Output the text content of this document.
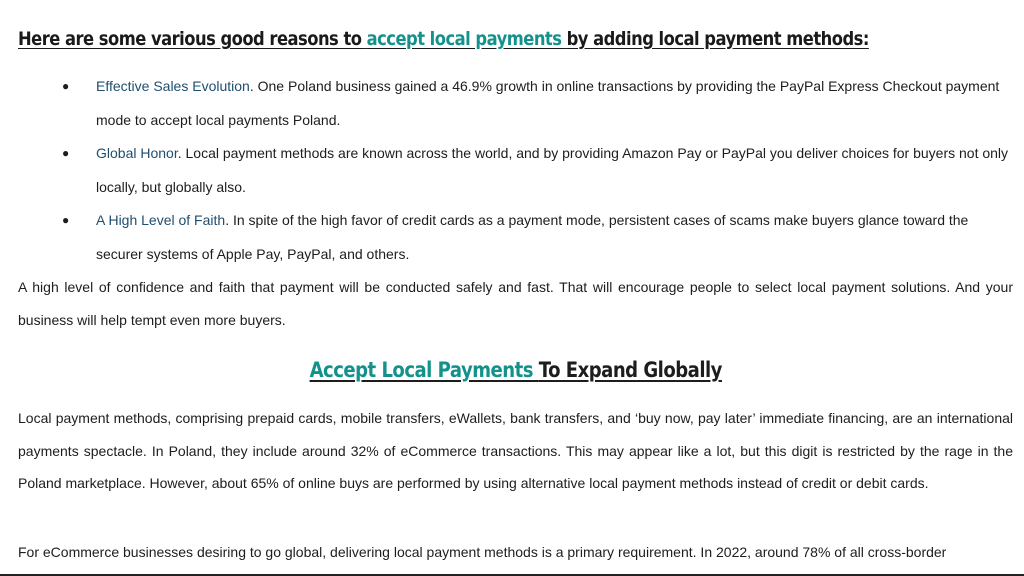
Here are some various good reasons to accept local payments by adding local payment methods:
● Effective Sales Evolution. One Poland business gained a 46.9% growth in online transactions by providing the PayPal Express Checkout payment mode to accept local payments Poland.
● Global Honor. Local payment methods are known across the world, and by providing Amazon Pay or PayPal you deliver choices for buyers not only locally, but globally also.
● A High Level of Faith. In spite of the high favor of credit cards as a payment mode, persistent cases of scams make buyers glance toward the securer systems of Apple Pay, PayPal, and others.

A high level of confidence and faith that payment will be conducted safely and fast. That will encourage people to select local payment solutions. And your business will help tempt even more buyers.

Accept Local Payments To Expand Globally

Local payment methods, comprising prepaid cards, mobile transfers, eWallets, bank transfers, and ‘buy now, pay later’ immediate financing, are an international payments spectacle. In Poland, they include around 32% of eCommerce transactions. This may appear like a lot, but this digit is restricted by the rage in the Poland marketplace. However, about 65% of online buys are performed by using alternative local payment methods instead of credit or debit cards.

For eCommerce businesses desiring to go global, delivering local payment methods is a primary requirement. In 2022, around 78% of all cross-border
